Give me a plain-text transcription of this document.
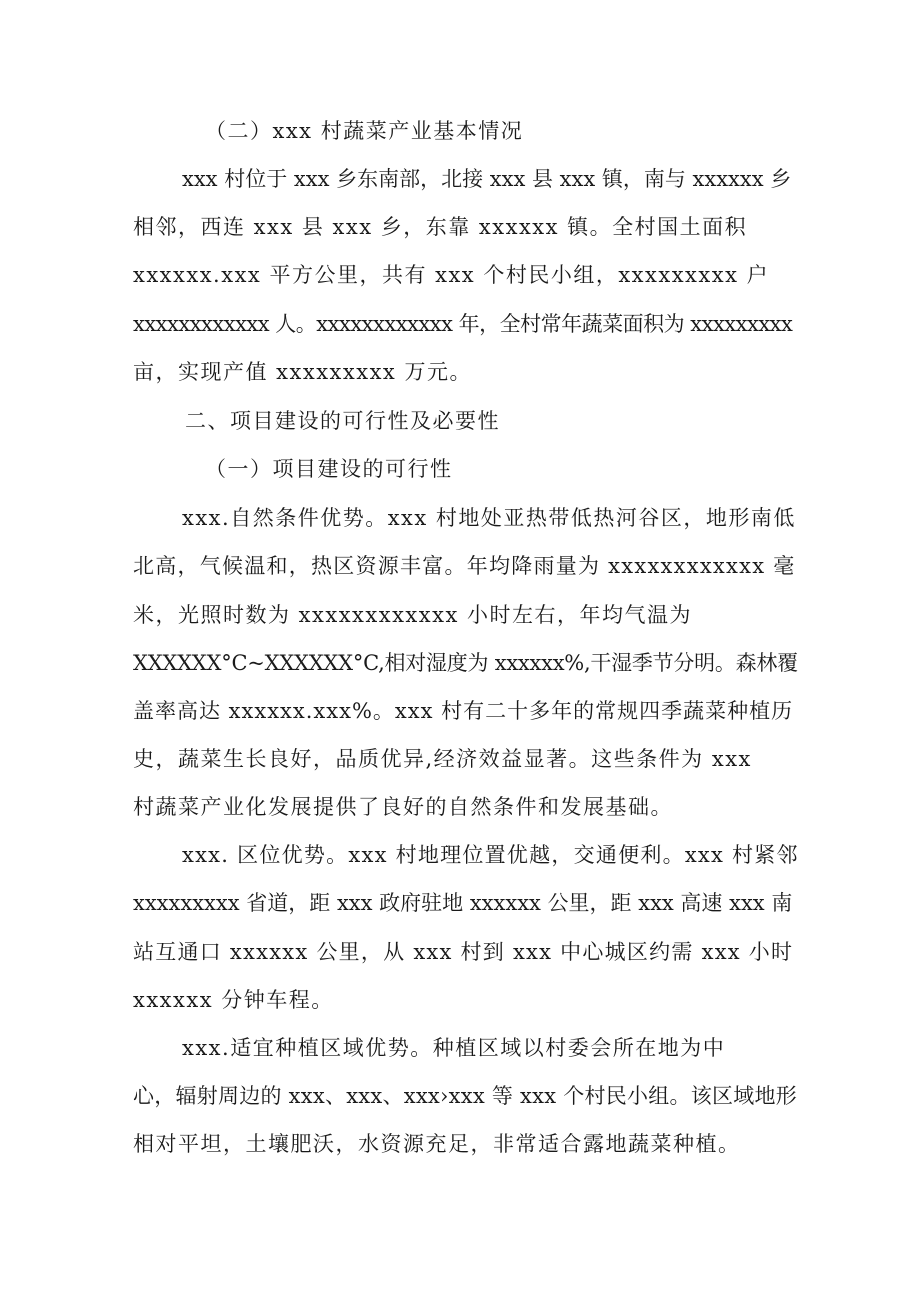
（二）xxx 村蔬菜产业基本情况
xxx 村位于 xxx 乡东南部，北接 xxx 县 xxx 镇，南与 xxxxxx 乡
相邻，西连 xxx 县 xxx 乡，东靠 xxxxxx 镇。全村国土面积
xxxxxx.xxx 平方公里，共有 xxx 个村民小组，xxxxxxxxx 户
xxxxxxxxxxxx 人。xxxxxxxxxxxx 年，全村常年蔬菜面积为 xxxxxxxxx
亩，实现产值 xxxxxxxxx 万元。
二、项目建设的可行性及必要性
（一）项目建设的可行性
xxx.自然条件优势。xxx 村地处亚热带低热河谷区，地形南低
北高，气候温和，热区资源丰富。年均降雨量为 xxxxxxxxxxxx 毫
米，光照时数为 xxxxxxxxxxxx 小时左右，年均气温为
XXXXXX°C~XXXXXX°C,相对湿度为 xxxxxx%,干湿季节分明。森林覆
盖率高达 xxxxxx.xxx%。xxx 村有二十多年的常规四季蔬菜种植历
史，蔬菜生长良好，品质优异,经济效益显著。这些条件为 xxx
村蔬菜产业化发展提供了良好的自然条件和发展基础。
xxx. 区位优势。xxx 村地理位置优越，交通便利。xxx 村紧邻
xxxxxxxxx 省道，距 xxx 政府驻地 xxxxxx 公里，距 xxx 高速 xxx 南
站互通口 xxxxxx 公里，从 xxx 村到 xxx 中心城区约需 xxx 小时
xxxxxx 分钟车程。
xxx.适宜种植区域优势。种植区域以村委会所在地为中
心，辐射周边的 xxx、xxx、xxx›xxx 等 xxx 个村民小组。该区域地形
相对平坦，土壤肥沃，水资源充足，非常适合露地蔬菜种植。
